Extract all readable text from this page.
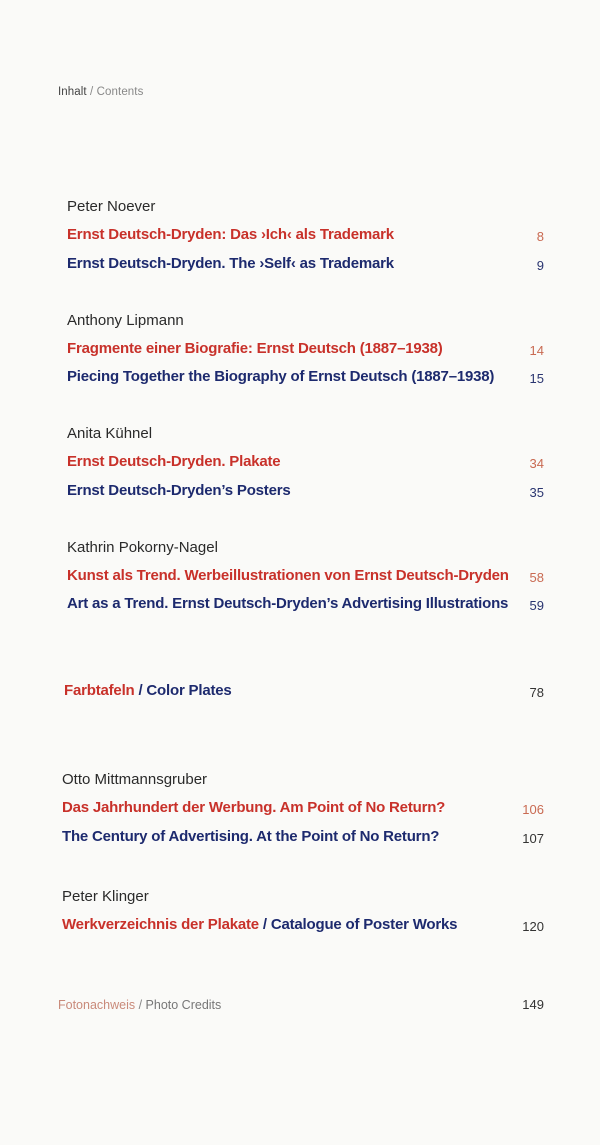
Inhalt / Contents
Peter Noever
Ernst Deutsch-Dryden: Das ›Ich‹ als Trademark	8
Ernst Deutsch-Dryden. The ›Self‹ as Trademark	9
Anthony Lipmann
Fragmente einer Biografie: Ernst Deutsch (1887–1938)	14
Piecing Together the Biography of Ernst Deutsch (1887–1938)	15
Anita Kühnel
Ernst Deutsch-Dryden. Plakate	34
Ernst Deutsch-Dryden’s Posters	35
Kathrin Pokorny-Nagel
Kunst als Trend. Werbeillustrationen von Ernst Deutsch-Dryden 58
Art as a Trend. Ernst Deutsch-Dryden’s Advertising Illustrations 59
Farbtafeln / Color Plates	78
Otto Mittmannsgruber
Das Jahrhundert der Werbung. Am Point of No Return?	106
The Century of Advertising. At the Point of No Return?	107
Peter Klinger
Werkverzeichnis der Plakate / Catalogue of Poster Works	120
Fotonachweis / Photo Credits	149
